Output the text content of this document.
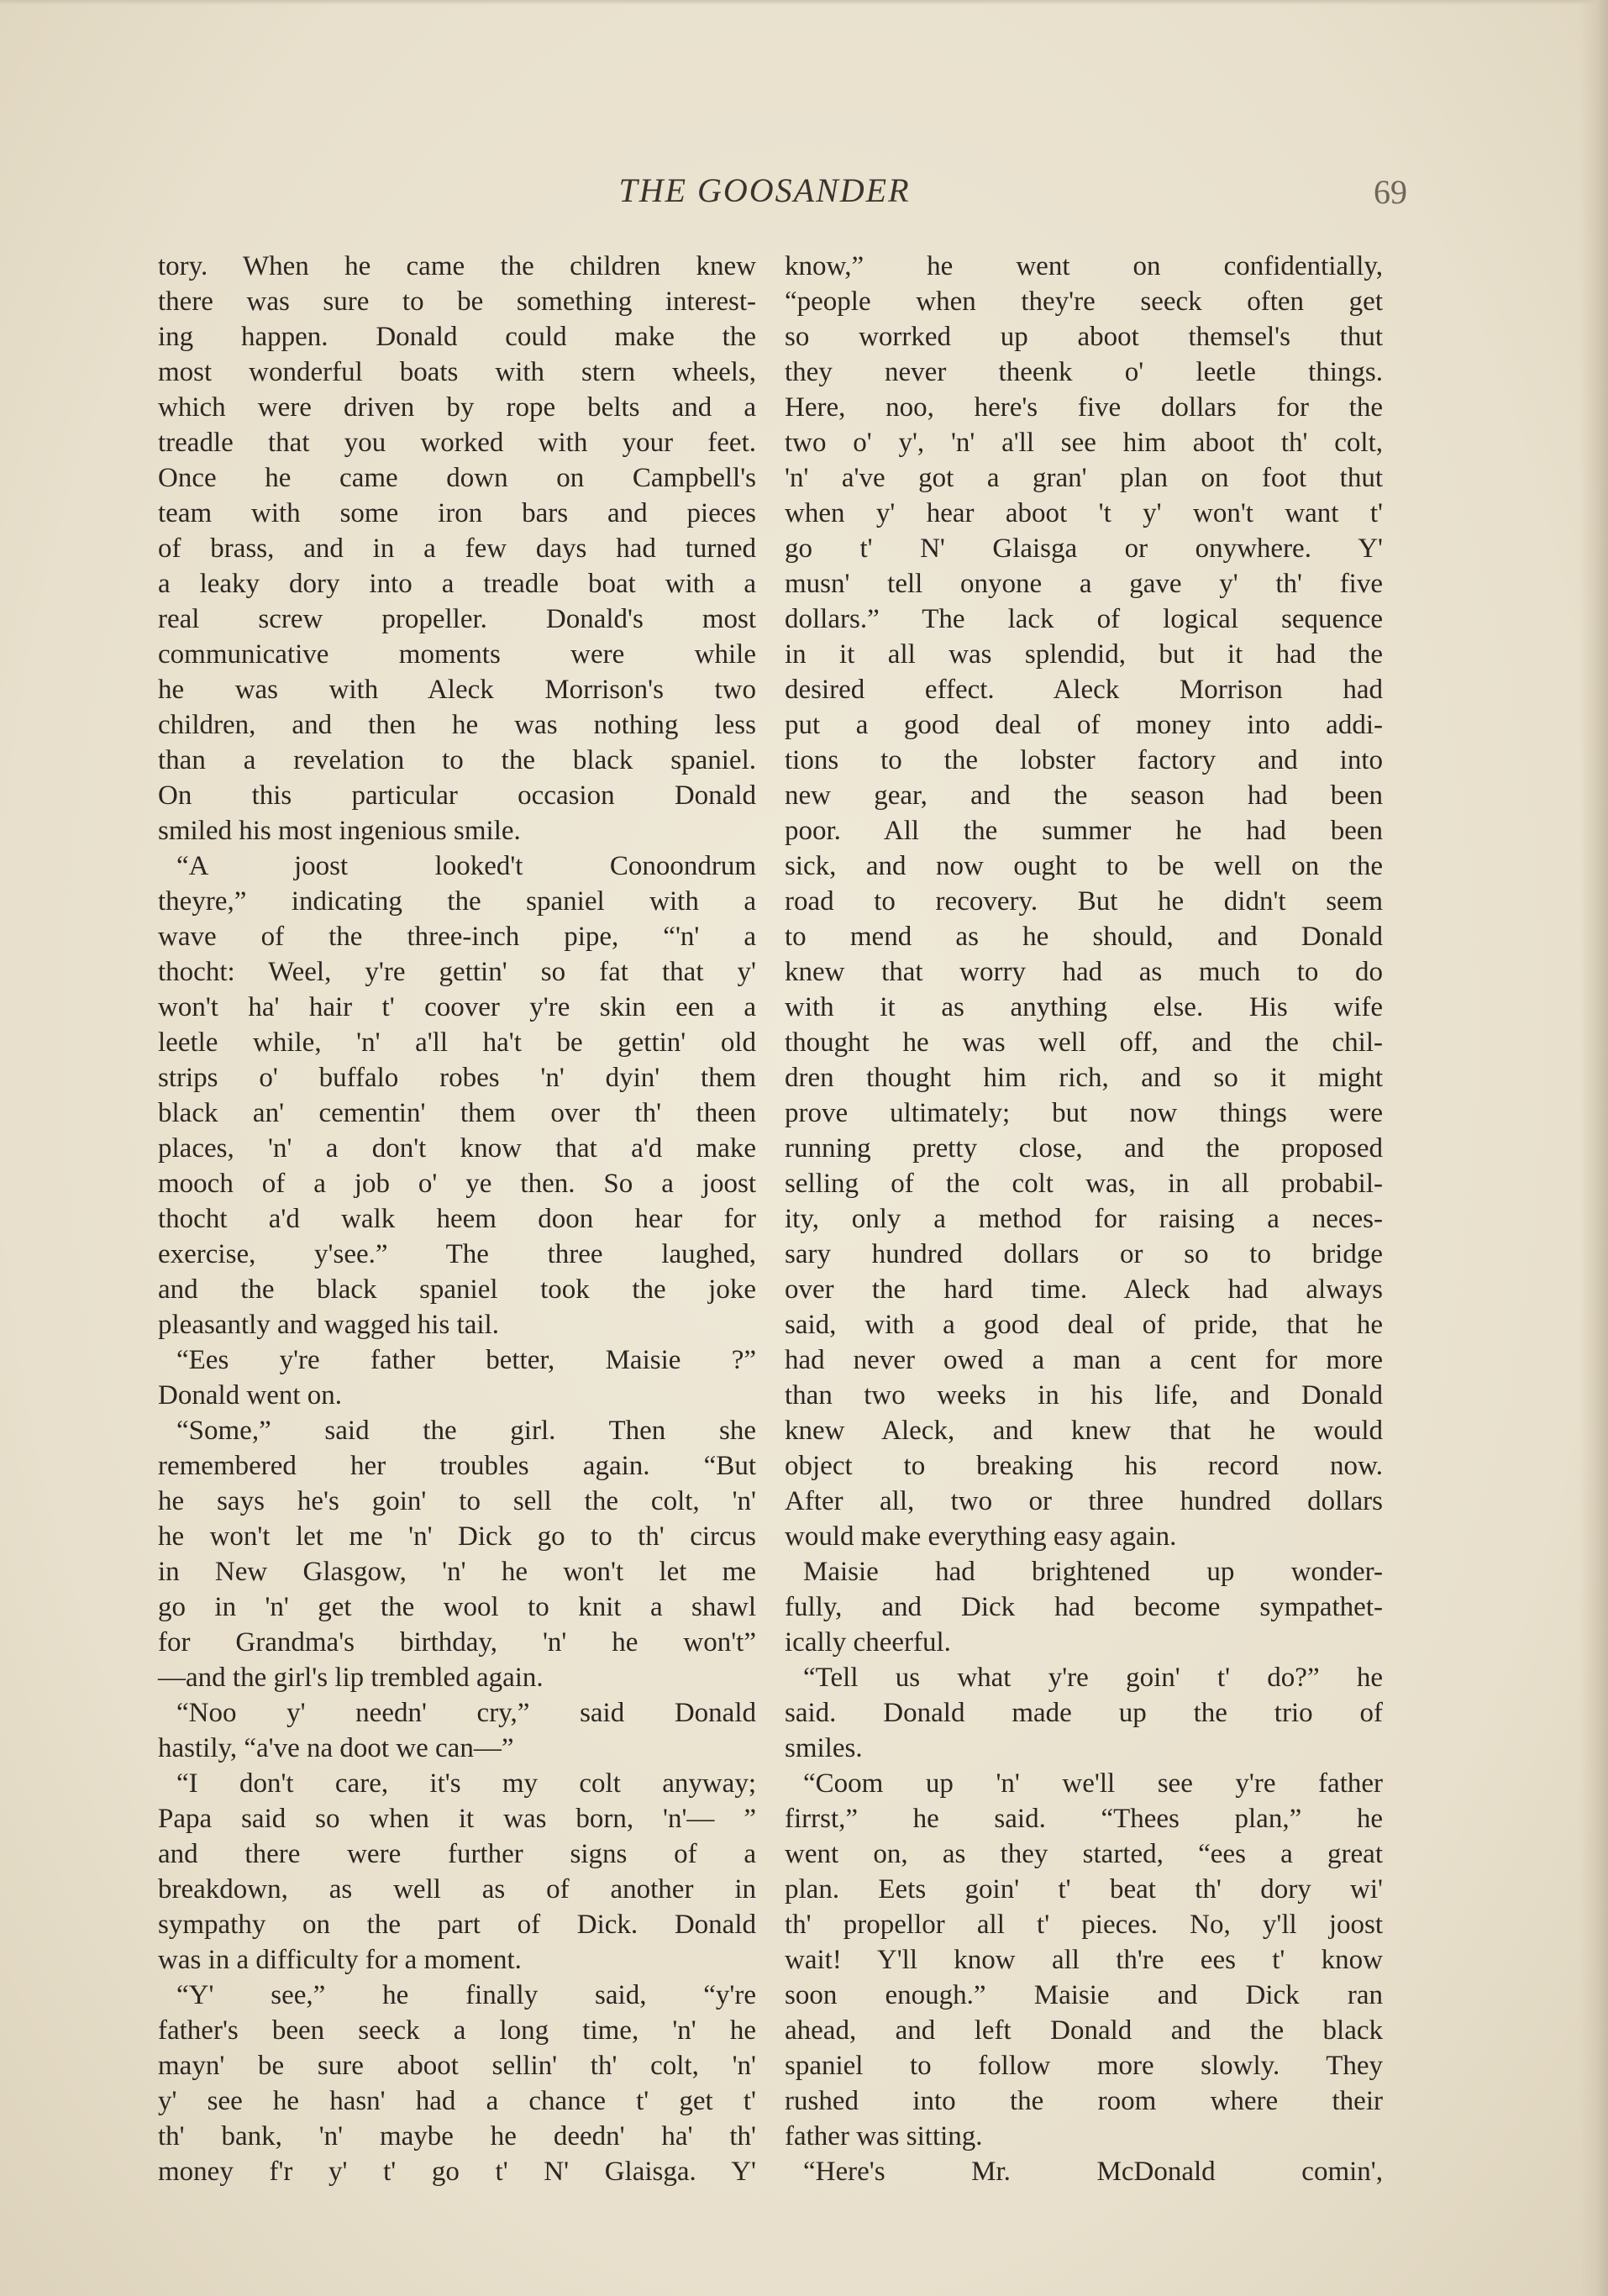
THE GOOSANDER	69
tory. When he came the children knew
there was sure to be something interest-
ing happen. Donald could make the
most wonderful boats with stern wheels,
which were driven by rope belts and a
treadle that you worked with your feet.
Once he came down on Campbell's
team with some iron bars and pieces
of brass, and in a few days had turned
a leaky dory into a treadle boat with a
real screw propeller. Donald's most
communicative moments were while
he was with Aleck Morrison's two
children, and then he was nothing less
than a revelation to the black spaniel.
On this particular occasion Donald
smiled his most ingenious smile.
“A joost looked't Conoondrum
theyre,” indicating the spaniel with a
wave of the three-inch pipe, “'n' a
thocht: Weel, y're gettin' so fat that y'
won't ha' hair t' coover y're skin een a
leetle while, 'n' a'll ha't be gettin' old
strips o' buffalo robes 'n' dyin' them
black an' cementin' them over th' theen
places, 'n' a don't know that a'd make
mooch of a job o' ye then. So a joost
thocht a'd walk heem doon hear for
exercise, y'see.” The three laughed,
and the black spaniel took the joke
pleasantly and wagged his tail.
“Ees y're father better, Maisie ?”
Donald went on.
“Some,” said the girl. Then she
remembered her troubles again. “But
he says he's goin' to sell the colt, 'n'
he won't let me 'n' Dick go to th' circus
in New Glasgow, 'n' he won't let me
go in 'n' get the wool to knit a shawl
for Grandma's birthday, 'n' he won't”
—and the girl's lip trembled again.
“Noo y' needn' cry,” said Donald
hastily, “a've na doot we can—”
“I don't care, it's my colt anyway;
Papa said so when it was born, 'n'— ”
and there were further signs of a
breakdown, as well as of another in
sympathy on the part of Dick. Donald
was in a difficulty for a moment.
“Y' see,” he finally said, “y're
father's been seeck a long time, 'n' he
mayn' be sure aboot sellin' th' colt, 'n'
y' see he hasn' had a chance t' get t'
th' bank, 'n' maybe he deedn' ha' th'
money f'r y' t' go t' N' Glaisga. Y'
know,” he went on confidentially,
“people when they're seeck often get
so worrked up aboot themsel's thut
they never theenk o' leetle things.
Here, noo, here's five dollars for the
two o' y', 'n' a'll see him aboot th' colt,
'n' a've got a gran' plan on foot thut
when y' hear aboot 't y' won't want t'
go t' N' Glaisga or onywhere. Y'
musn' tell onyone a gave y' th' five
dollars.” The lack of logical sequence
in it all was splendid, but it had the
desired effect. Aleck Morrison had
put a good deal of money into addi-
tions to the lobster factory and into
new gear, and the season had been
poor. All the summer he had been
sick, and now ought to be well on the
road to recovery. But he didn't seem
to mend as he should, and Donald
knew that worry had as much to do
with it as anything else. His wife
thought he was well off, and the chil-
dren thought him rich, and so it might
prove ultimately; but now things were
running pretty close, and the proposed
selling of the colt was, in all probabil-
ity, only a method for raising a neces-
sary hundred dollars or so to bridge
over the hard time. Aleck had always
said, with a good deal of pride, that he
had never owed a man a cent for more
than two weeks in his life, and Donald
knew Aleck, and knew that he would
object to breaking his record now.
After all, two or three hundred dollars
would make everything easy again.
Maisie had brightened up wonder-
fully, and Dick had become sympathet-
ically cheerful.
“Tell us what y're goin' t' do?” he
said. Donald made up the trio of
smiles.
“Coom up 'n' we'll see y're father
firrst,” he said. “Thees plan,” he
went on, as they started, “ees a great
plan. Eets goin' t' beat th' dory wi'
th' propellor all t' pieces. No, y'll joost
wait! Y'll know all th're ees t' know
soon enough.” Maisie and Dick ran
ahead, and left Donald and the black
spaniel to follow more slowly. They
rushed into the room where their
father was sitting.
“Here's Mr. McDonald comin',
